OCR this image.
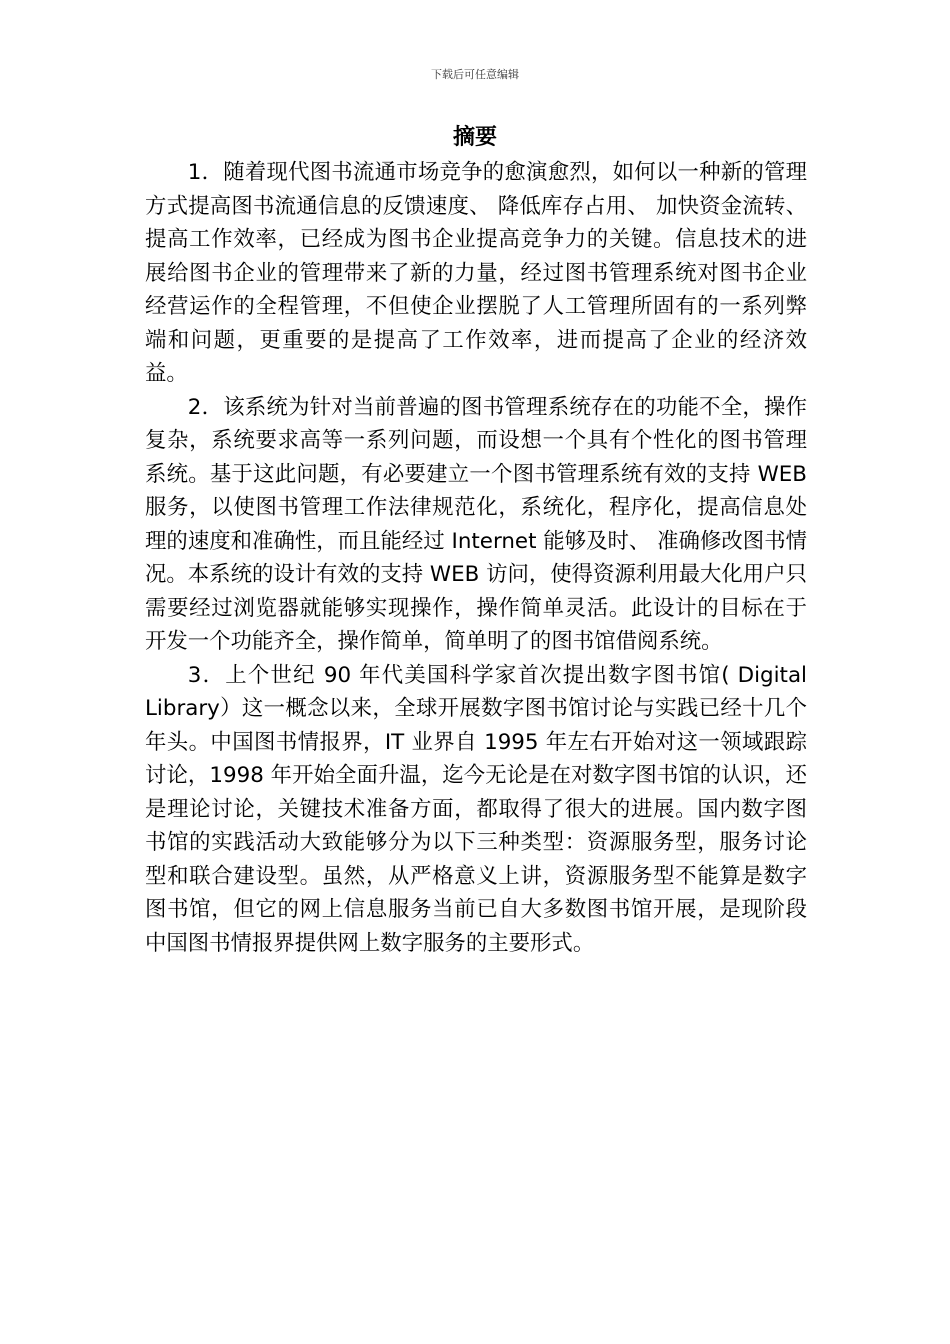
下载后可任意编辑
摘要

1．随着现代图书流通市场竞争的愈演愈烈，如何以一种新的管理方式提高图书流通信息的反馈速度、 降低库存占用、 加快资金流转、 提高工作效率，已经成为图书企业提高竞争力的关键。信息技术的进展给图书企业的管理带来了新的力量，经过图书管理系统对图书企业经营运作的全程管理，不但使企业摆脱了人工管理所固有的一系列弊端和问题，更重要的是提高了工作效率，进而提高了企业的经济效益。

2．该系统为针对当前普遍的图书管理系统存在的功能不全，操作复杂，系统要求高等一系列问题，而设想一个具有个性化的图书管理系统。基于这此问题，有必要建立一个图书管理系统有效的支持 WEB 服务，以使图书管理工作法律规范化，系统化，程序化，提高信息处理的速度和准确性，而且能经过 Internet 能够及时、 准确修改图书情况。本系统的设计有效的支持 WEB 访问，使得资源利用最大化用户只需要经过浏览器就能够实现操作，操作简单灵活。此设计的目标在于开发一个功能齐全，操作简单，简单明了的图书馆借阅系统。

3．上个世纪 90 年代美国科学家首次提出数字图书馆( Digital Library）这一概念以来，全球开展数字图书馆讨论与实践已经十几个年头。中国图书情报界，IT 业界自 1995 年左右开始对这一领域跟踪讨论，1998 年开始全面升温，迄今无论是在对数字图书馆的认识，还是理论讨论，关键技术准备方面，都取得了很大的进展。国内数字图书馆的实践活动大致能够分为以下三种类型：资源服务型，服务讨论型和联合建设型。虽然，从严格意义上讲，资源服务型不能算是数字图书馆，但它的网上信息服务当前已自大多数图书馆开展，是现阶段中国图书情报界提供网上数字服务的主要形式。
